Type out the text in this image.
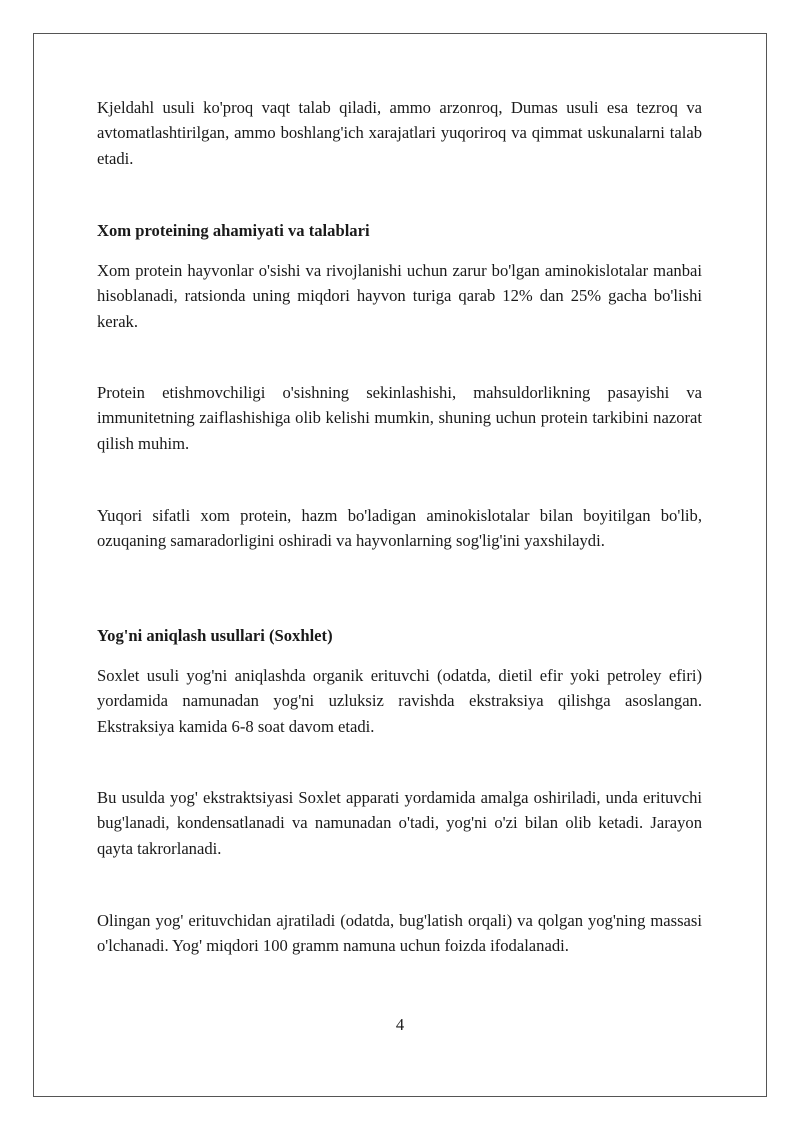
Kjeldahl usuli ko'proq vaqt talab qiladi, ammo arzonroq, Dumas usuli esa tezroq va avtomatlashtirilgan, ammo boshlang'ich xarajatlari yuqoriroq va qimmat uskunalarni talab etadi.

Xom proteining ahamiyati va talablari

Xom protein hayvonlar o'sishi va rivojlanishi uchun zarur bo'lgan aminokislotalar manbai hisoblanadi, ratsionda uning miqdori hayvon turiga qarab 12% dan 25% gacha bo'lishi kerak.

Protein etishmovchiligi o'sishning sekinlashishi, mahsuldorlikning pasayishi va immunitetning zaiflashishiga olib kelishi mumkin, shuning uchun protein tarkibini nazorat qilish muhim.

Yuqori sifatli xom protein, hazm bo'ladigan aminokislotalar bilan boyitilgan bo'lib, ozuqaning samaradorligini oshiradi va hayvonlarning sog'lig'ini yaxshilaydi.

Yog'ni aniqlash usullari (Soxhlet)

Soxlet usuli yog'ni aniqlashda organik erituvchi (odatda, dietil efir yoki petroley efiri) yordamida namunadan yog'ni uzluksiz ravishda ekstraksiya qilishga asoslangan. Ekstraksiya kamida 6-8 soat davom etadi.

Bu usulda yog' ekstraktsiyasi Soxlet apparati yordamida amalga oshiriladi, unda erituvchi bug'lanadi, kondensatlanadi va namunadan o'tadi, yog'ni o'zi bilan olib ketadi. Jarayon qayta takrorlanadi.

Olingan yog' erituvchidan ajratiladi (odatda, bug'latish orqali) va qolgan yog'ning massasi o'lchanadi. Yog' miqdori 100 gramm namuna uchun foizda ifodalanadi.

4
